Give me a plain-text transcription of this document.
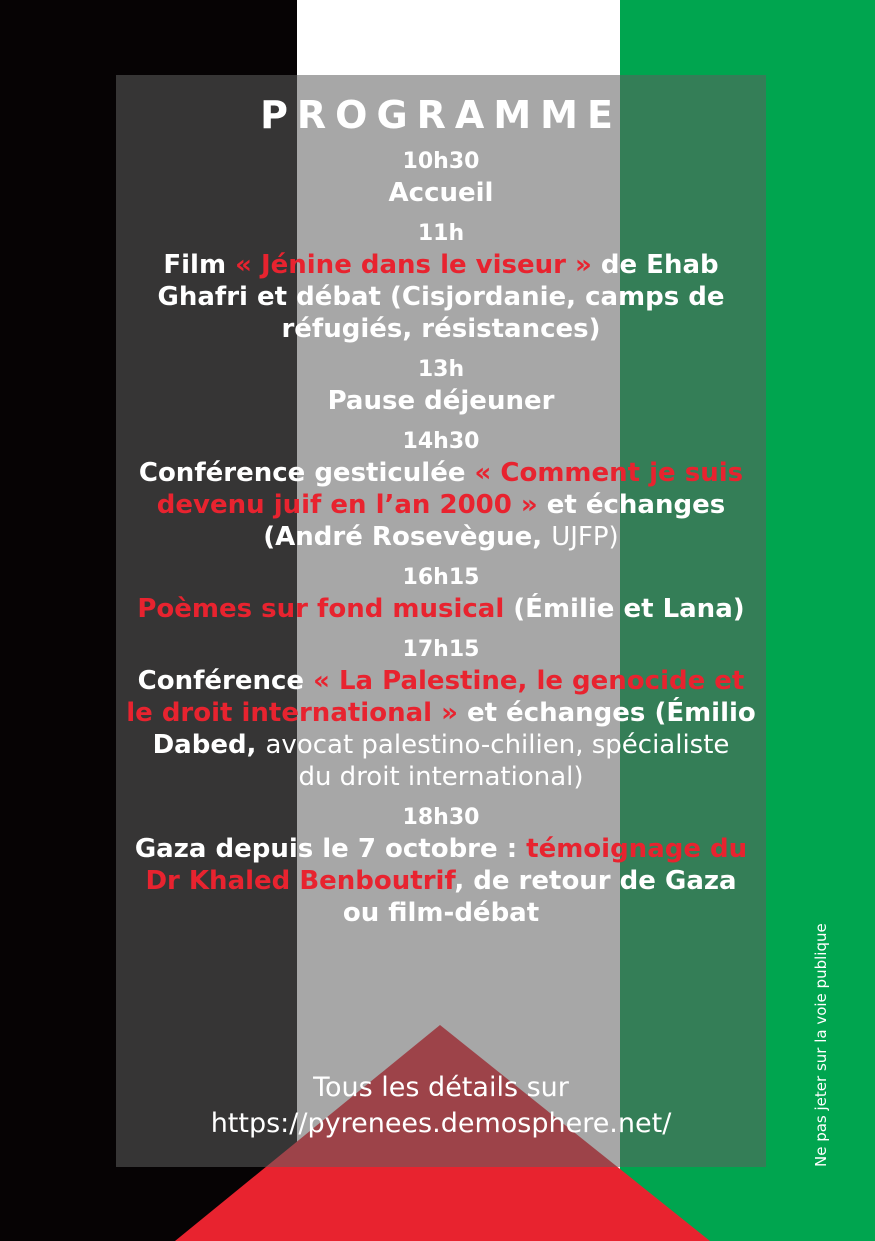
PROGRAMME
10h30
Accueil
11h
Film « Jénine dans le viseur » de Ehab
Ghafri et débat (Cisjordanie, camps de
réfugiés, résistances)
13h
Pause déjeuner
14h30
Conférence gesticulée « Comment je suis
devenu juif en l’an 2000 » et échanges
(André Rosevègue, UJFP)
16h15
Poèmes sur fond musical (Émilie et Lana)
17h15
Conférence « La Palestine, le genocide et
le droit international » et échanges (Émilio
Dabed, avocat palestino-chilien, spécialiste
du droit international)
18h30
Gaza depuis le 7 octobre : témoignage du
Dr Khaled Benboutrif, de retour de Gaza
ou film-débat
Tous les détails sur
https://pyrenees.demosphere.net/	Ne pas jeter sur la voie publique
